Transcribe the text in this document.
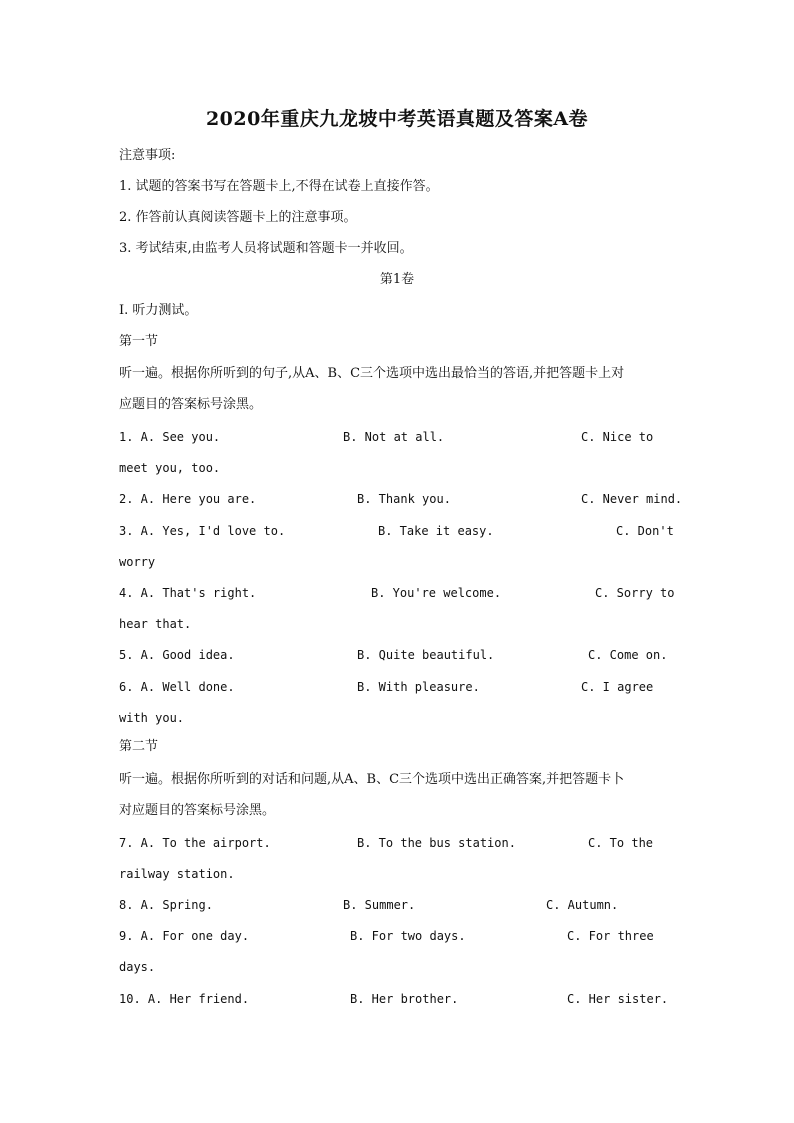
2020年重庆九龙坡中考英语真题及答案A卷
注意事项:
1. 试题的答案书写在答题卡上,不得在试卷上直接作答。
2. 作答前认真阅读答题卡上的注意事项。
3. 考试结束,由监考人员将试题和答题卡一并收回。
第1卷
I. 听力测试。
第一节
听一遍。根据你所听到的句子,从A、B、C三个选项中选出最恰当的答语,并把答题卡上对
应题目的答案标号涂黑。
1. A. See you.	B. Not at all.	C. Nice to
meet you, too.
2. A. Here you are.	B. Thank you.	C. Never mind.
3. A. Yes, I'd love to.	B. Take it easy.	C. Don't
worry
4. A. That's right.	B. You're welcome.	C. Sorry to
hear that.
5. A. Good idea.	B. Quite beautiful.	C. Come on.
6. A. Well done.	B. With pleasure.	C. I agree
with you.
第二节
听一遍。根据你所听到的对话和问题,从A、B、C三个选项中选出正确答案,并把答题卡卜
对应题目的答案标号涂黑。
7. A. To the airport.	B. To the bus station.	C. To the
railway station.
8. A. Spring.	B. Summer.	C. Autumn.
9. A. For one day.	B. For two days.	C. For three
days.
10. A. Her friend.	B. Her brother.	C. Her sister.
